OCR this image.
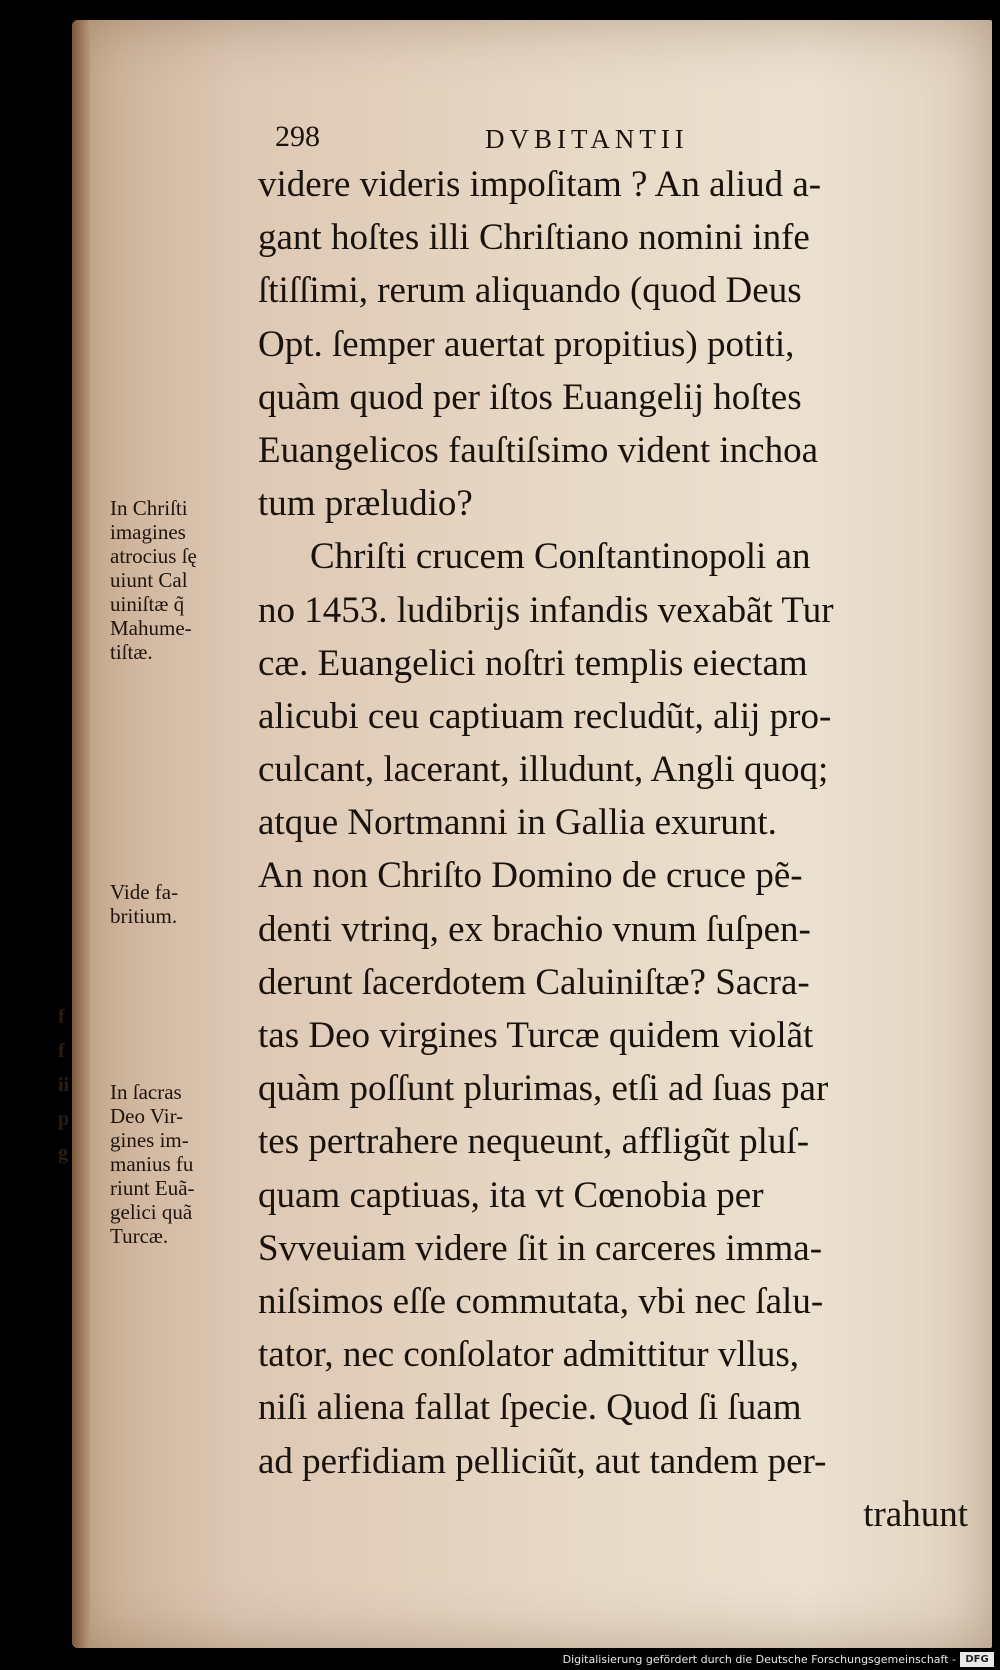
f
f
ii
p
g
298	DVBITANTII
videre videris impoſitam ? An aliud a-
gant hoſtes illi Chriſtiano nomini infe
ſtiſſimi, rerum aliquando (quod Deus
Opt. ſemper auertat propitius) potiti,
quàm quod per iſtos Euangelij hoſtes
Euangelicos fauſtiſsimo vident inchoa
tum præludio?
Chriſti crucem Conſtantinopoli an
no 1453. ludibrijs infandis vexabãt Tur
cæ. Euangelici noſtri templis eiectam
alicubi ceu captiuam recludũt, alij pro-
culcant, lacerant, illudunt, Angli quoq;
atque Nortmanni in Gallia exurunt.
An non Chriſto Domino de cruce pẽ-
denti vtrinq, ex brachio vnum ſuſpen-
derunt ſacerdotem Caluiniſtæ? Sacra-
tas Deo virgines Turcæ quidem violãt
quàm poſſunt plurimas, etſi ad ſuas par
tes pertrahere nequeunt, affligũt pluſ-
quam captiuas, ita vt Cœnobia per
Svveuiam videre ſit in carceres imma-
niſsimos eſſe commutata, vbi nec ſalu-
tator, nec conſolator admittitur vllus,
niſi aliena fallat ſpecie. Quod ſi ſuam
ad perfidiam pelliciũt, aut tandem per-
trahunt
In Chriſti
imagines
atrocius ſę
uiunt Cal
uiniſtæ q̃
Mahume-
tiſtæ.
Vide fa-
britium.
In ſacras
Deo Vir-
gines im-
manius fu
riunt Euã-
gelici quã
Turcæ.
Digitalisierung gefördert durch die Deutsche Forschungsgemeinschaft - DFG
